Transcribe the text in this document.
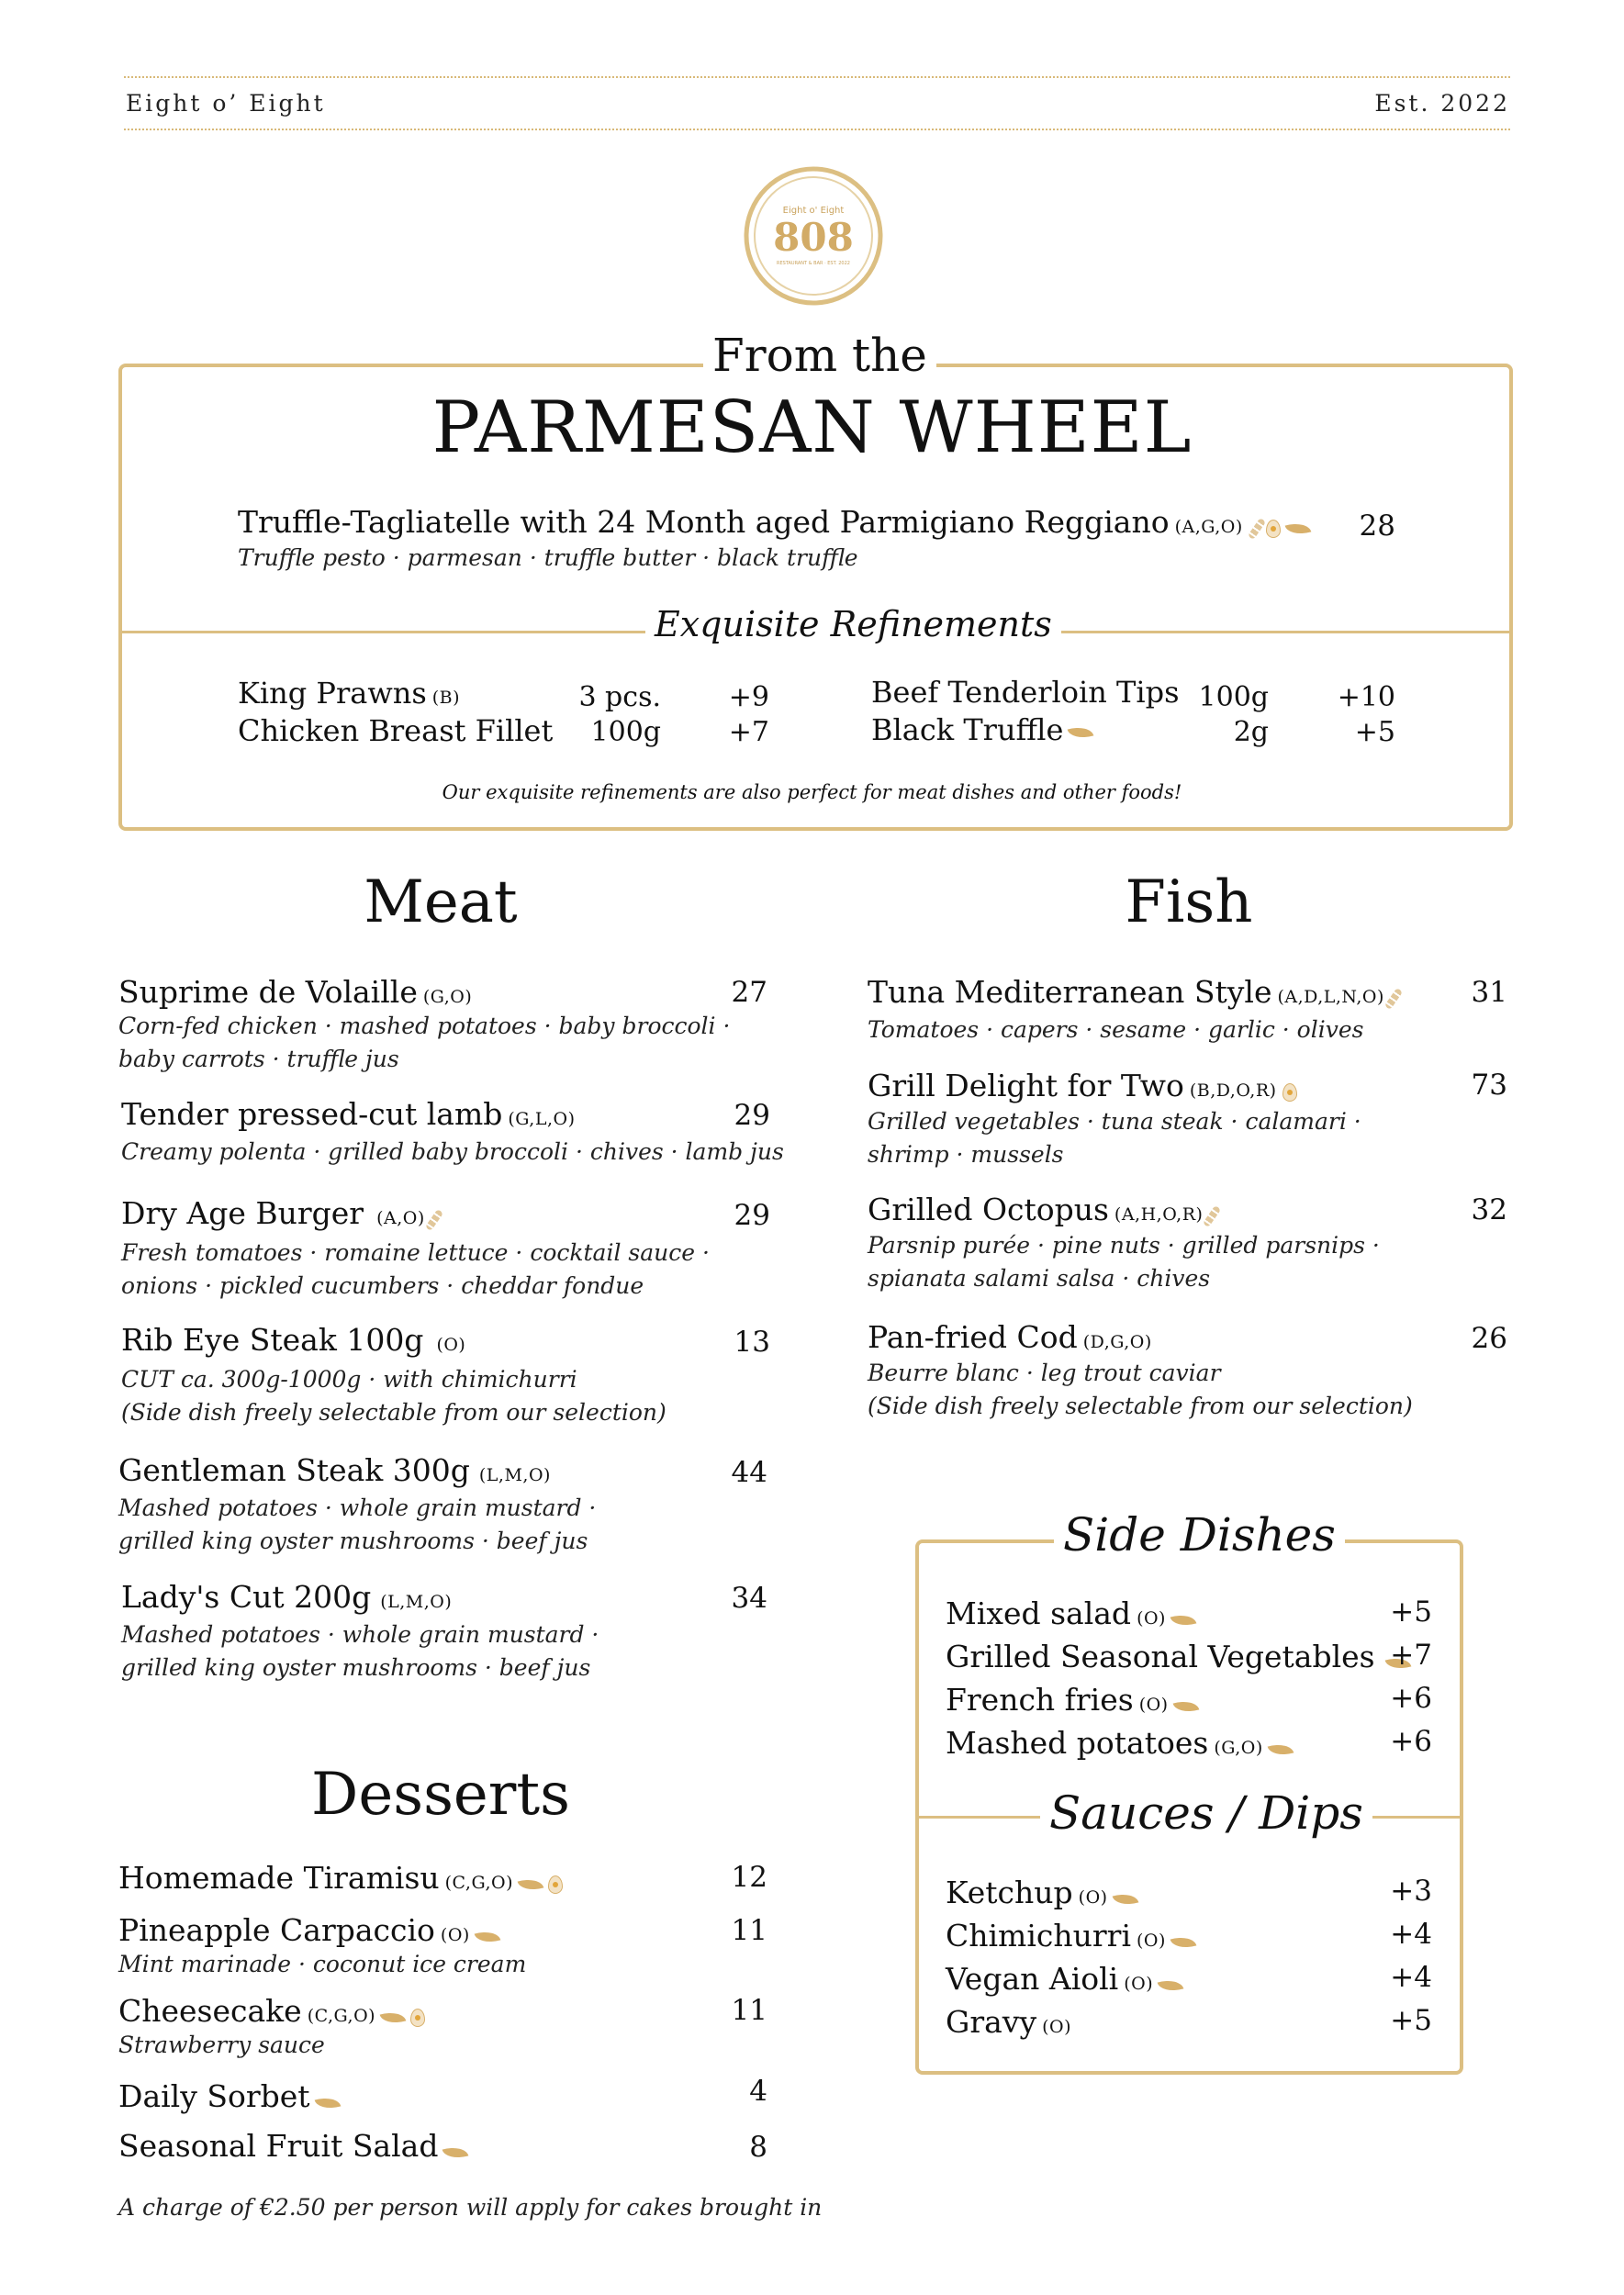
Eight o’ Eight	Est. 2022
Eight o' Eight
808
RESTAURANT & BAR · EST. 2022
From the
PARMESAN WHEEL
Truffle-Tagliatelle with 24 Month aged Parmigiano Reggiano (A,G,O)
Truffle pesto · parmesan · truffle butter · black truffle
28
Exquisite Refinements
King Prawns (B)	3 pcs.	+9
Chicken Breast Fillet	100g	+7
Beef Tenderloin Tips 100g	+10
Black Truffle	2g	+5
Our exquisite refinements are also perfect for meat dishes and other foods!
Meat
Suprime de Volaille (G,O)
Corn-fed chicken · mashed potatoes · baby broccoli ·
baby carrots · truffle jus
27
Tender pressed-cut lamb (G,L,O)
Creamy polenta · grilled baby broccoli · chives · lamb jus
29
Dry Age Burger (A,O)
Fresh tomatoes · romaine lettuce · cocktail sauce ·
onions · pickled cucumbers · cheddar fondue
29
Rib Eye Steak 100g (O)
CUT ca. 300g-1000g · with chimichurri
(Side dish freely selectable from our selection)
13
Gentleman Steak 300g (L,M,O)
Mashed potatoes · whole grain mustard ·
grilled king oyster mushrooms · beef jus
44
Lady's Cut 200g (L,M,O)
Mashed potatoes · whole grain mustard ·
grilled king oyster mushrooms · beef jus
34
Fish
Tuna Mediterranean Style (A,D,L,N,O)
Tomatoes · capers · sesame · garlic · olives
31
Grill Delight for Two (B,D,O,R)
Grilled vegetables · tuna steak · calamari ·
shrimp · mussels
73
Grilled Octopus (A,H,O,R)
Parsnip purée · pine nuts · grilled parsnips ·
spianata salami salsa · chives
32
Pan-fried Cod (D,G,O)
Beurre blanc · leg trout caviar
(Side dish freely selectable from our selection)
26
Side Dishes
Mixed salad (O)	+5
Grilled Seasonal Vegetables +7
French fries (O)	+6
Mashed potatoes (G,O)	+6
Sauces / Dips
Ketchup (O)	+3
Chimichurri (O)	+4
Vegan Aioli (O)	+4
Gravy (O)	+5
Desserts
Homemade Tiramisu (C,G,O)	12
Pineapple Carpaccio (O)
Mint marinade · coconut ice cream
11
Cheesecake (C,G,O)
Strawberry sauce
11
Daily Sorbet	4
Seasonal Fruit Salad	8
A charge of €2.50 per person will apply for cakes brought in
